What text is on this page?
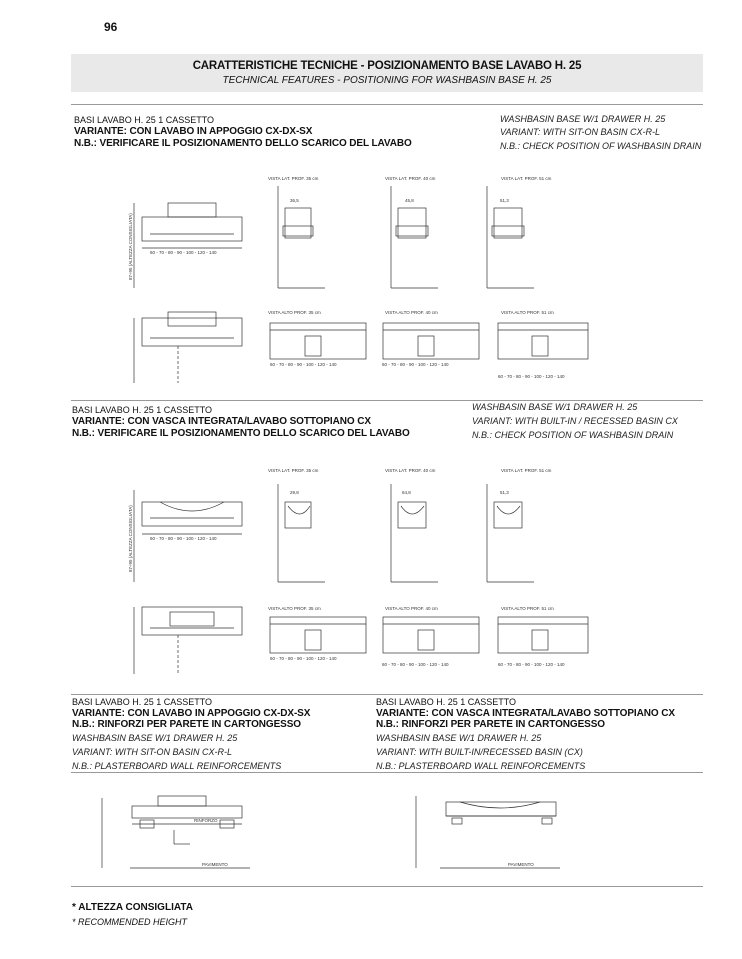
96
CARATTERISTICHE TECNICHE - POSIZIONAMENTO BASE LAVABO H. 25
TECHNICAL FEATURES - POSITIONING FOR WASHBASIN BASE H. 25
BASI LAVABO H. 25 1 CASSETTO
VARIANTE: CON LAVABO IN APPOGGIO CX-DX-SX
N.B.: VERIFICARE IL POSIZIONAMENTO DELLO SCARICO DEL LAVABO
WASHBASIN BASE W/1 DRAWER H. 25
VARIANT: WITH SIT-ON BASIN CX-R-L
N.B.: CHECK POSITION OF WASHBASIN DRAIN
VISTA LAT. PROF. 35 cm	VISTA LAT. PROF. 40 cm	VISTA LAT. PROF. 51 cm
36,5	45,8	51,3
VISTA ALTO PROF. 35 cm	VISTA ALTO PROF. 40 cm	VISTA ALTO PROF. 51 cm
60 - 70 - 80 - 90 - 100 - 120 - 140
60 - 70 - 80 - 90 - 100 - 120 - 140	60 - 70 - 80 - 90 - 100 - 120 - 140
60 - 70 - 80 - 90 - 100 - 120 - 140
87÷95 (ALTEZZA CONSIGLIATA)
BASI LAVABO H. 25 1 CASSETTO
VARIANTE: CON VASCA INTEGRATA/LAVABO SOTTOPIANO CX
N.B.: VERIFICARE IL POSIZIONAMENTO DELLO SCARICO DEL LAVABO
WASHBASIN BASE W/1 DRAWER H. 25
VARIANT: WITH BUILT-IN / RECESSED BASIN CX
N.B.: CHECK POSITION OF WASHBASIN DRAIN
VISTA LAT. PROF. 35 cm	VISTA LAT. PROF. 40 cm	VISTA LAT. PROF. 51 cm
29,8	64,8	51,3
VISTA ALTO PROF. 35 cm	VISTA ALTO PROF. 40 cm	VISTA ALTO PROF. 51 cm
60 - 70 - 80 - 90 - 100 - 120 - 140
60 - 70 - 80 - 90 - 100 - 120 - 140
60 - 70 - 80 - 90 - 100 - 120 - 140	60 - 70 - 80 - 90 - 100 - 120 - 140
87÷95 (ALTEZZA CONSIGLIATA)
BASI LAVABO H. 25 1 CASSETTO
VARIANTE: CON LAVABO IN APPOGGIO CX-DX-SX
N.B.: RINFORZI PER PARETE IN CARTONGESSO
WASHBASIN BASE W/1 DRAWER H. 25
VARIANT: WITH SIT-ON BASIN CX-R-L
N.B.: PLASTERBOARD WALL REINFORCEMENTS
BASI LAVABO H. 25 1 CASSETTO
VARIANTE: CON VASCA INTEGRATA/LAVABO SOTTOPIANO CX
N.B.: RINFORZI PER PARETE IN CARTONGESSO
WASHBASIN BASE W/1 DRAWER H. 25
VARIANT: WITH BUILT-IN/RECESSED BASIN (CX)
N.B.: PLASTERBOARD WALL REINFORCEMENTS
RINFORZO
PAVIMENTO	PAVIMENTO
* ALTEZZA CONSIGLIATA
* RECOMMENDED HEIGHT
